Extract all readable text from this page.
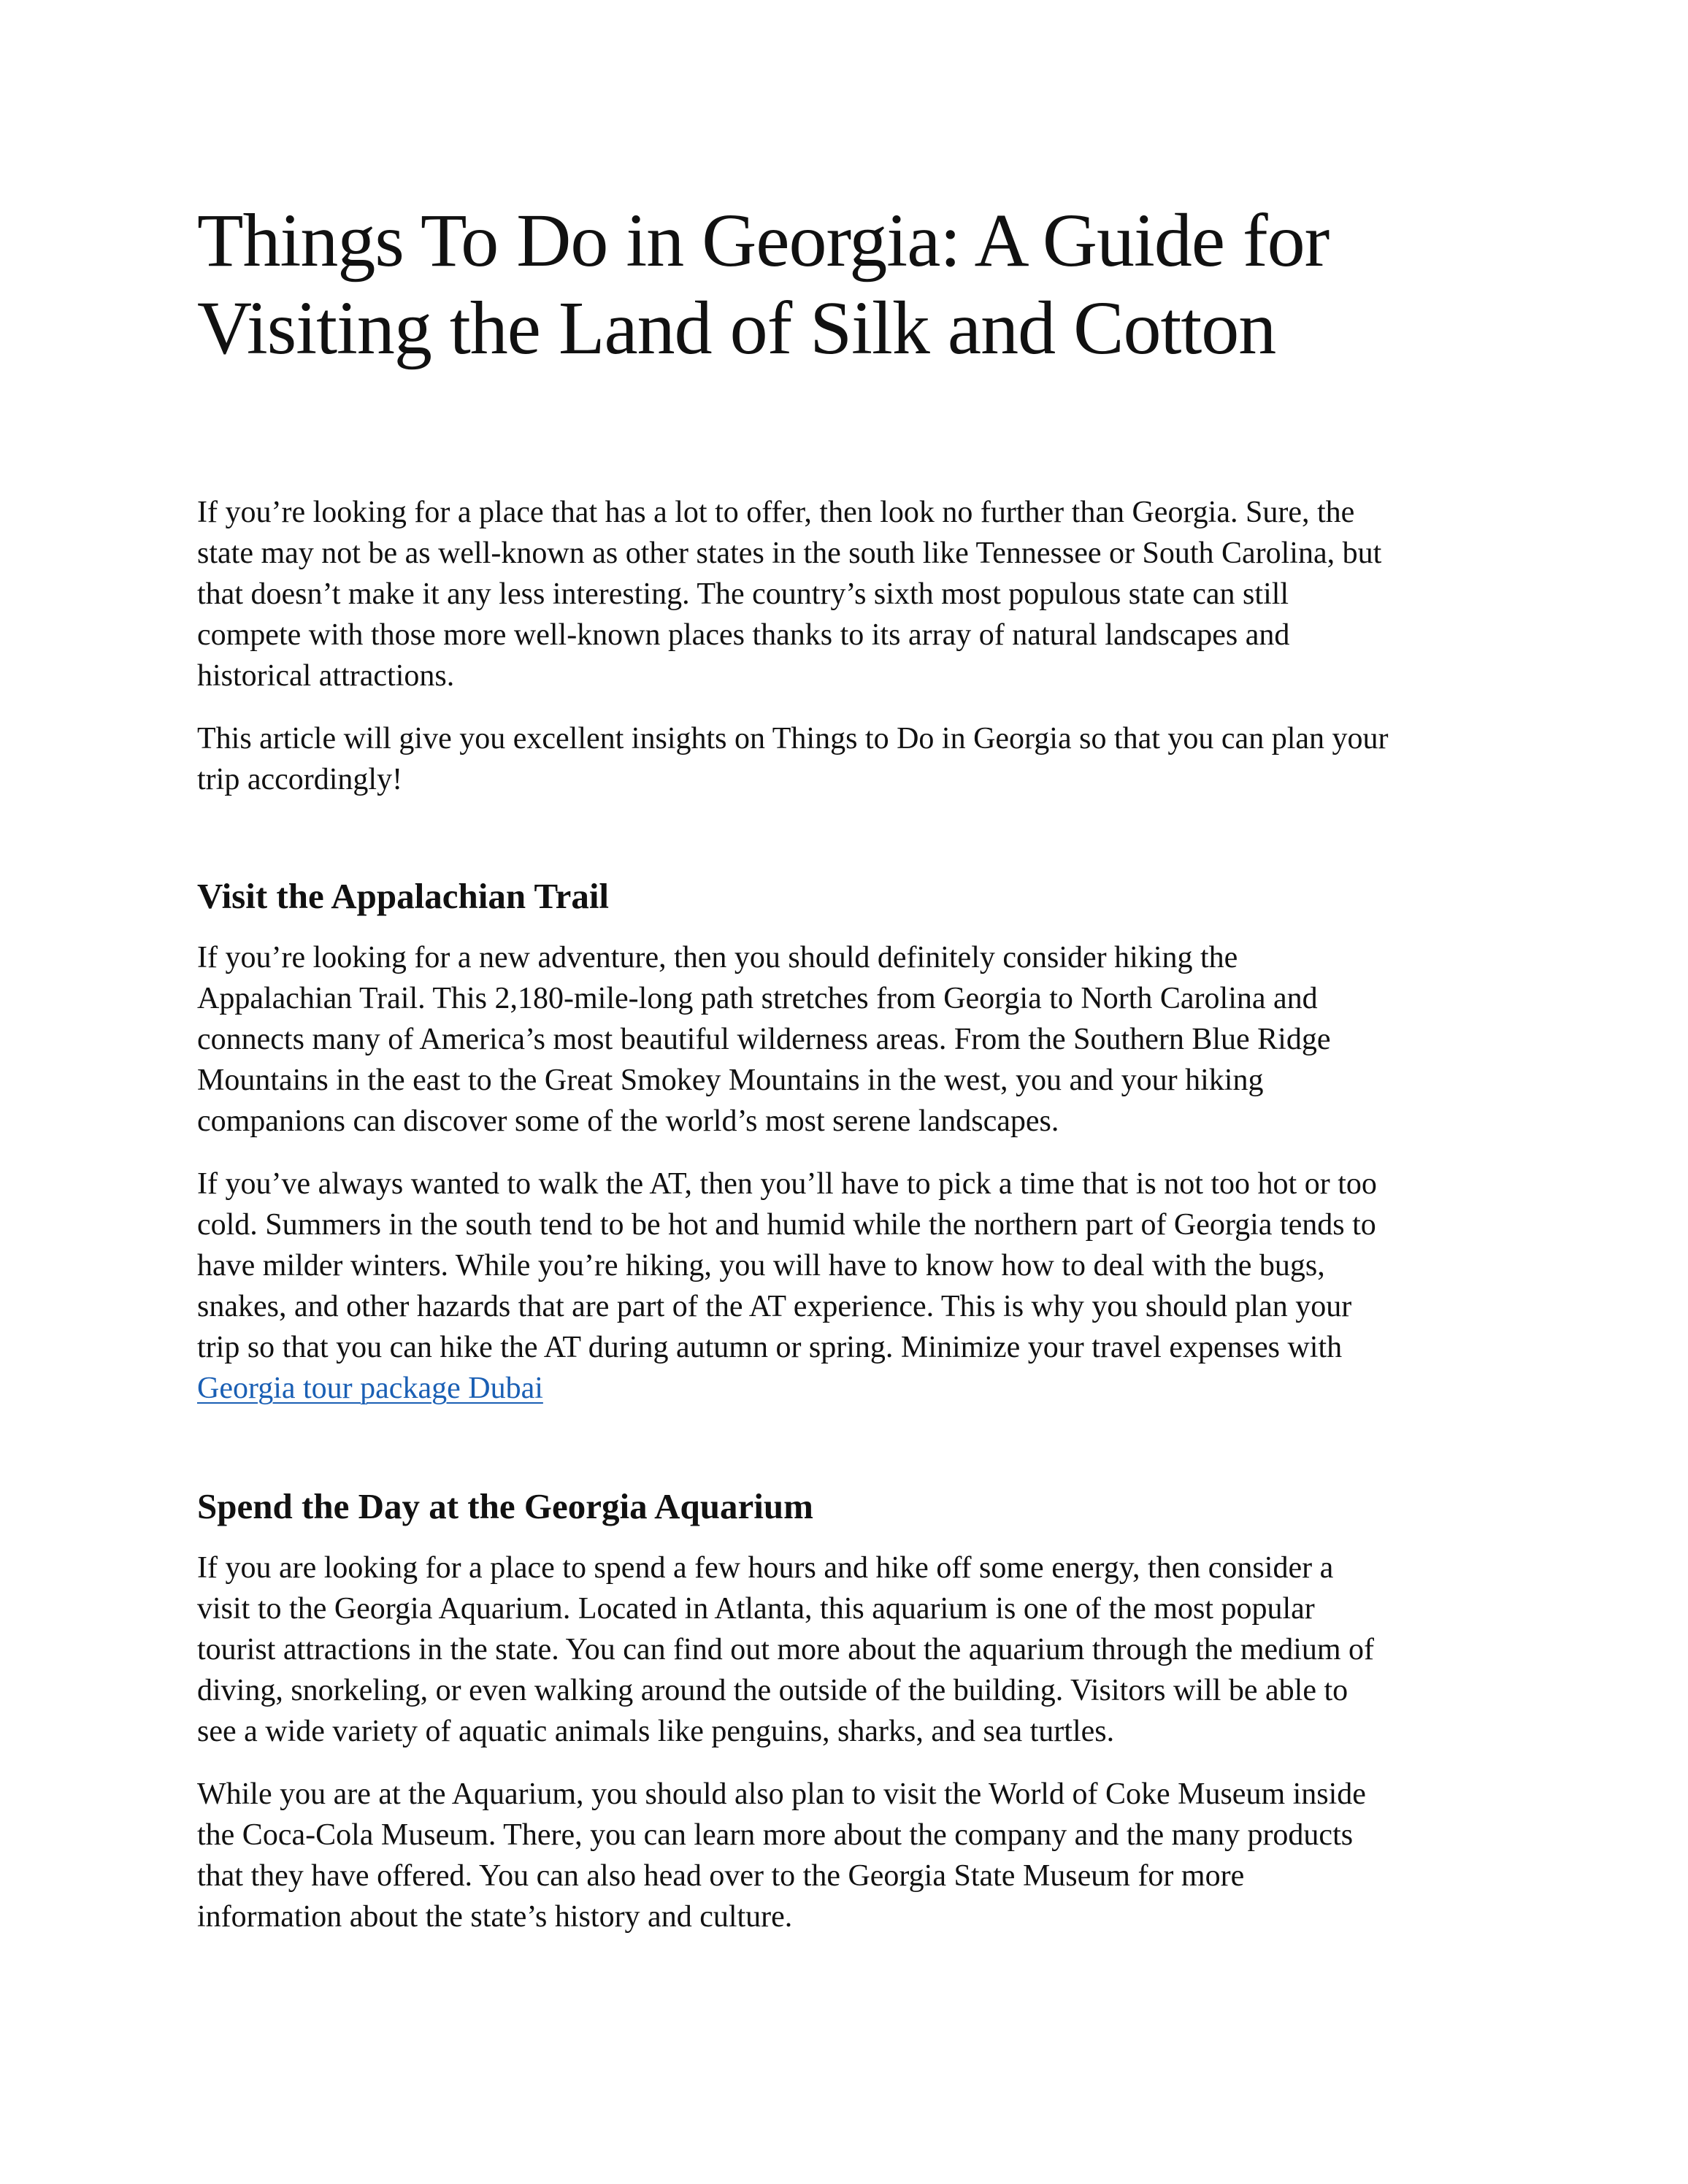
Things To Do in Georgia: A Guide for
Visiting the Land of Silk and Cotton

If you’re looking for a place that has a lot to offer, then look no further than Georgia. Sure, the
state may not be as well-known as other states in the south like Tennessee or South Carolina, but
that doesn’t make it any less interesting. The country’s sixth most populous state can still
compete with those more well-known places thanks to its array of natural landscapes and
historical attractions.

This article will give you excellent insights on Things to Do in Georgia so that you can plan your
trip accordingly!

Visit the Appalachian Trail

If you’re looking for a new adventure, then you should definitely consider hiking the
Appalachian Trail. This 2,180-mile-long path stretches from Georgia to North Carolina and
connects many of America’s most beautiful wilderness areas. From the Southern Blue Ridge
Mountains in the east to the Great Smokey Mountains in the west, you and your hiking
companions can discover some of the world’s most serene landscapes.

If you’ve always wanted to walk the AT, then you’ll have to pick a time that is not too hot or too
cold. Summers in the south tend to be hot and humid while the northern part of Georgia tends to
have milder winters. While you’re hiking, you will have to know how to deal with the bugs,
snakes, and other hazards that are part of the AT experience. This is why you should plan your
trip so that you can hike the AT during autumn or spring. Minimize your travel expenses with
Georgia tour package Dubai

Spend the Day at the Georgia Aquarium

If you are looking for a place to spend a few hours and hike off some energy, then consider a
visit to the Georgia Aquarium. Located in Atlanta, this aquarium is one of the most popular
tourist attractions in the state. You can find out more about the aquarium through the medium of
diving, snorkeling, or even walking around the outside of the building. Visitors will be able to
see a wide variety of aquatic animals like penguins, sharks, and sea turtles.

While you are at the Aquarium, you should also plan to visit the World of Coke Museum inside
the Coca-Cola Museum. There, you can learn more about the company and the many products
that they have offered. You can also head over to the Georgia State Museum for more
information about the state’s history and culture.
